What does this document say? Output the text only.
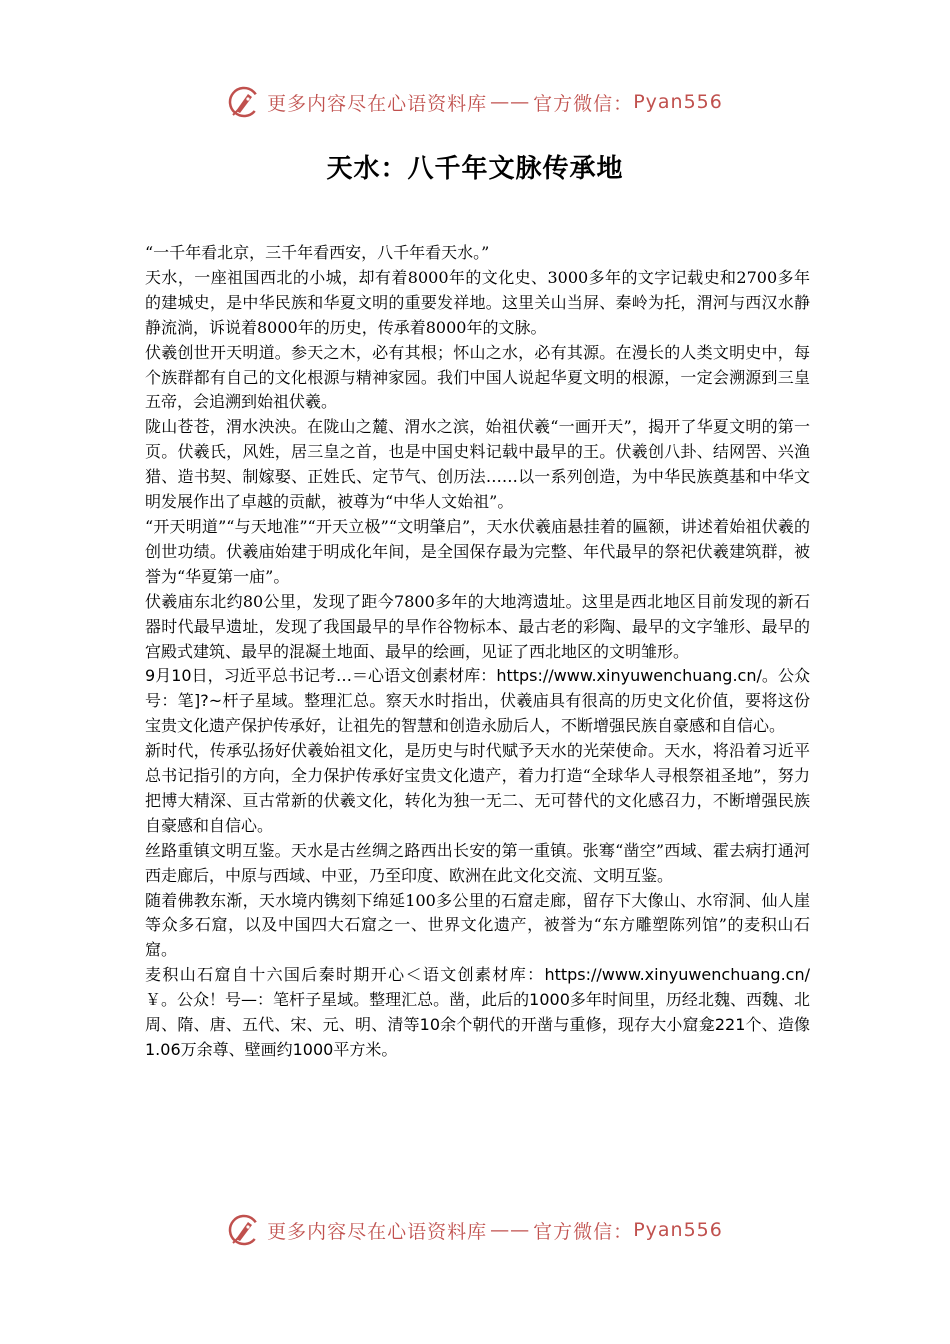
更多内容尽在心语资料库 —— 官方微信： Pyan556
天水：八千年文脉传承地

“一千年看北京，三千年看西安，八千年看天水。”

天水，一座祖国西北的小城，却有着8000年的文化史、3000多年的文字记载史和2700多年的建城史，是中华民族和华夏文明的重要发祥地。这里关山当屏、秦岭为托，渭河与西汉水静静流淌，诉说着8000年的历史，传承着8000年的文脉。

伏羲创世开天明道。参天之木，必有其根；怀山之水，必有其源。在漫长的人类文明史中，每个族群都有自己的文化根源与精神家园。我们中国人说起华夏文明的根源，一定会溯源到三皇五帝，会追溯到始祖伏羲。

陇山苍苍，渭水泱泱。在陇山之麓、渭水之滨，始祖伏羲“一画开天”，揭开了华夏文明的第一页。伏羲氏，风姓，居三皇之首，也是中国史料记载中最早的王。伏羲创八卦、结网罟、兴渔猎、造书契、制嫁娶、正姓氏、定节气、创历法……以一系列创造，为中华民族奠基和中华文明发展作出了卓越的贡献，被尊为“中华人文始祖”。

“开天明道”“与天地准”“开天立极”“文明肇启”，天水伏羲庙悬挂着的匾额，讲述着始祖伏羲的创世功绩。伏羲庙始建于明成化年间，是全国保存最为完整、年代最早的祭祀伏羲建筑群，被誉为“华夏第一庙”。

伏羲庙东北约80公里，发现了距今7800多年的大地湾遗址。这里是西北地区目前发现的新石器时代最早遗址，发现了我国最早的旱作谷物标本、最古老的彩陶、最早的文字雏形、最早的宫殿式建筑、最早的混凝土地面、最早的绘画，见证了西北地区的文明雏形。

9月10日，习近平总书记考…＝心语文创素材库：https://www.xinyuwenchuang.cn/。公众号：笔]?~杆子星域。整理汇总。察天水时指出，伏羲庙具有很高的历史文化价值，要将这份宝贵文化遗产保护传承好，让祖先的智慧和创造永励后人，不断增强民族自豪感和自信心。

新时代，传承弘扬好伏羲始祖文化，是历史与时代赋予天水的光荣使命。天水，将沿着习近平总书记指引的方向，全力保护传承好宝贵文化遗产，着力打造“全球华人寻根祭祖圣地”，努力把博大精深、亘古常新的伏羲文化，转化为独一无二、无可替代的文化感召力，不断增强民族自豪感和自信心。

丝路重镇文明互鉴。天水是古丝绸之路西出长安的第一重镇。张骞“凿空”西域、霍去病打通河西走廊后，中原与西域、中亚，乃至印度、欧洲在此文化交流、文明互鉴。

随着佛教东渐，天水境内镌刻下绵延100多公里的石窟走廊，留存下大像山、水帘洞、仙人崖等众多石窟，以及中国四大石窟之一、世界文化遗产，被誉为“东方雕塑陈列馆”的麦积山石窟。

麦积山石窟自十六国后秦时期开心＜语文创素材库：https://www.xinyuwenchuang.cn/￥。公众！号—：笔杆子星域。整理汇总。凿，此后的1000多年时间里，历经北魏、西魏、北周、隋、唐、五代、宋、元、明、清等10余个朝代的开凿与重修，现存大小窟龛221个、造像1.06万余尊、壁画约1000平方米。

更多内容尽在心语资料库 —— 官方微信： Pyan556
